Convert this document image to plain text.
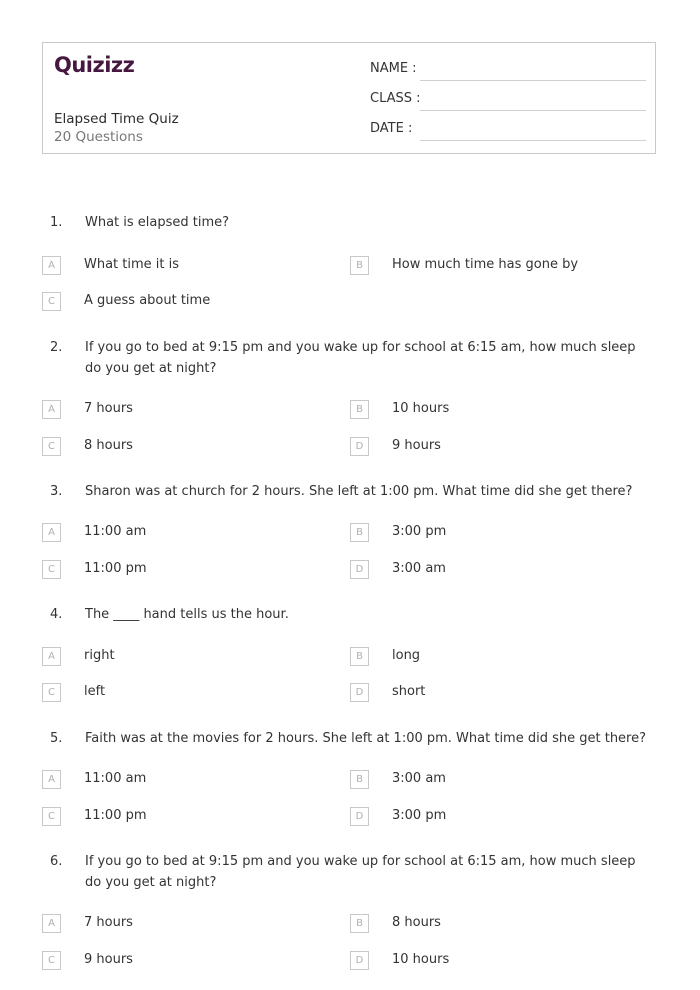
Quizizz
Elapsed Time Quiz
20 Questions
NAME :
CLASS :
DATE :
1. What is elapsed time?
A	What time it is	B	How much time has gone by
C	A guess about time
2. If you go to bed at 9:15 pm and you wake up for school at 6:15 am, how much sleep do you get at night?
A	7 hours	B	10 hours
C	8 hours	D	9 hours
3. Sharon was at church for 2 hours. She left at 1:00 pm. What time did she get there?
A	11:00 am	B	3:00 pm
C	11:00 pm	D	3:00 am
4. The ____ hand tells us the hour.
A	right	B	long
C	left	D	short
5. Faith was at the movies for 2 hours. She left at 1:00 pm. What time did she get there?
A	11:00 am	B	3:00 am
C	11:00 pm	D	3:00 pm
6. If you go to bed at 9:15 pm and you wake up for school at 6:15 am, how much sleep do you get at night?
A	7 hours	B	8 hours
C	9 hours	D	10 hours
